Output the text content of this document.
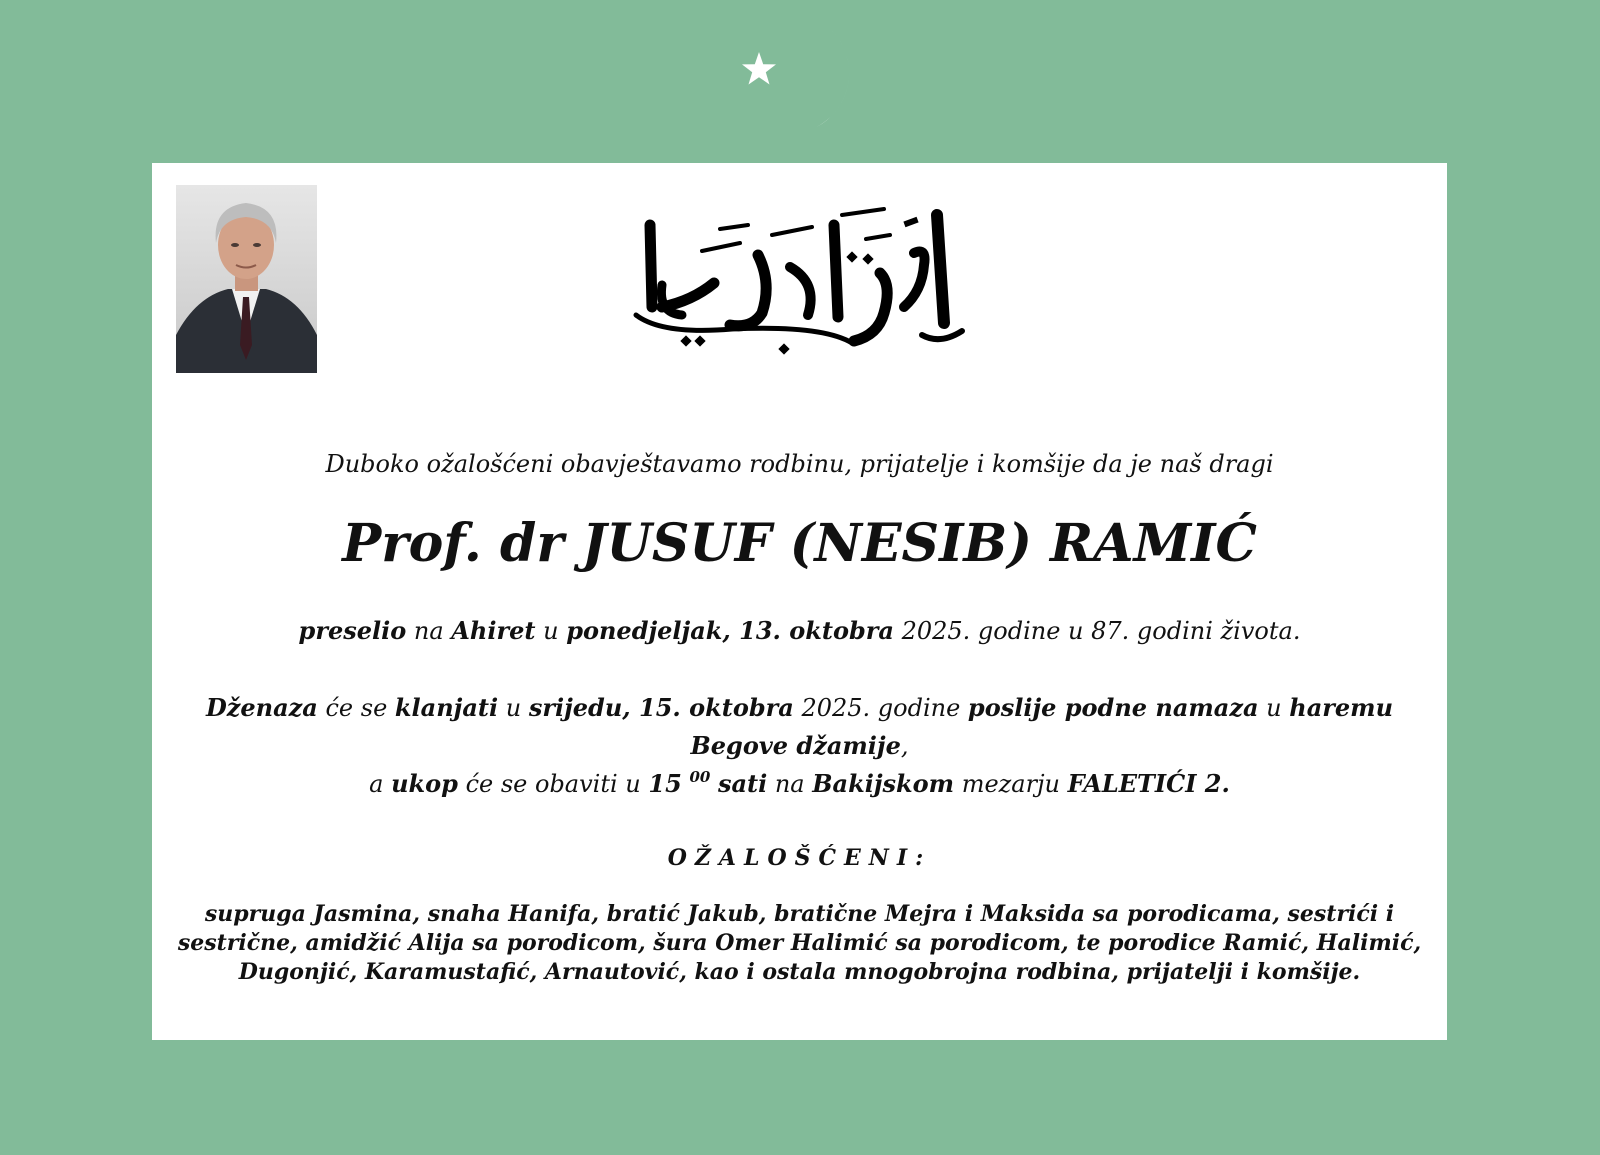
Duboko ožalošćeni obavještavamo rodbinu, prijatelje i komšije da je naš dragi
Prof. dr JUSUF (NESIB) RAMIĆ
preselio na Ahiret u ponedjeljak, 13. oktobra 2025. godine u 87. godini života.
Dženaza će se klanjati u srijedu, 15. oktobra 2025. godine poslije podne namaza u haremu Begove džamije,
a ukop će se obaviti u 15 $^{00}$ sati na Bakijskom mezarju FALETIĆI 2.
OŽALOŠĆENI:
supruga Jasmina, snaha Hanifa, bratić Jakub, bratične Mejra i Maksida sa porodicama, sestrići i sestrične, amidžić Alija sa porodicom, šura Omer Halimić sa porodicom, te porodice Ramić, Halimić, Dugonjić, Karamustafić, Arnautović, kao i ostala mnogobrojna rodbina, prijatelji i komšije.
